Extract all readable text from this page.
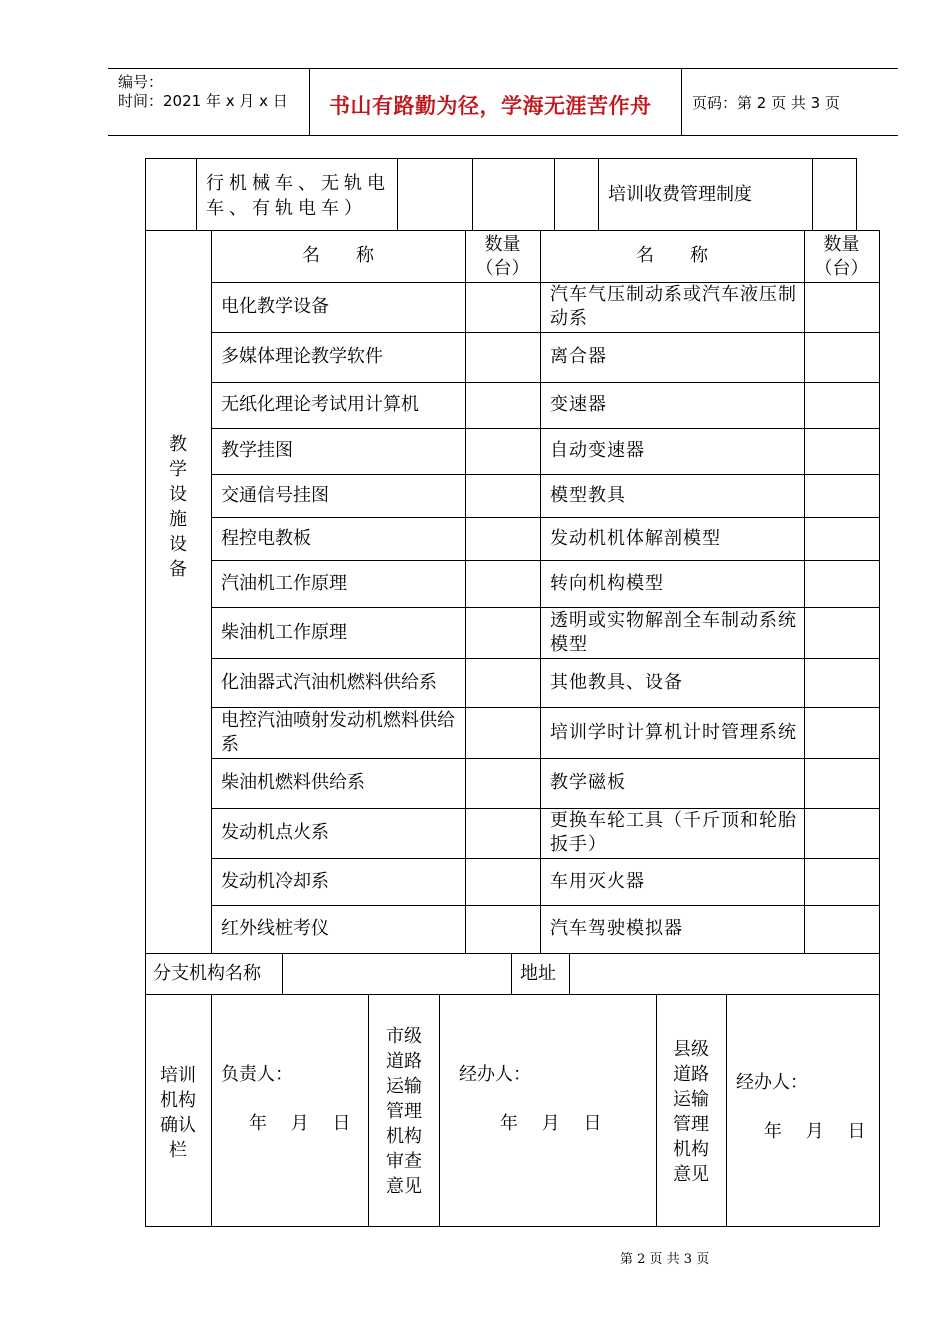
编号：
时间：2021 年 x 月 x 日 书山有路勤为径，学海无涯苦作舟	页码：第 2 页 共 3 页
行机械车、无轨电车、有轨电车）
培训收费管理制度
名　　称
数量
（台）
名　　称
数量
（台）
教学设施设备
电化教学设备
多媒体理论教学软件
无纸化理论考试用计算机
教学挂图
交通信号挂图
程控电教板
汽油机工作原理
柴油机工作原理
化油器式汽油机燃料供给系
电控汽油喷射发动机燃料供给系
柴油机燃料供给系
发动机点火系
发动机冷却系
红外线桩考仪
汽车气压制动系或汽车液压制动系
离合器
变速器
自动变速器
模型教具
发动机机体解剖模型
转向机构模型
透明或实物解剖全车制动系统模型
其他教具、设备
培训学时计算机计时管理系统
教学磁板
更换车轮工具（千斤顶和轮胎扳手）
车用灭火器
汽车驾驶模拟器
分支机构名称	地址
培训机构确认栏
负责人：
年　 月　 日
市级道路运输管理机构审查意见
经办人：
年　 月　 日
县级道路运输管理机构意见
经办人：
年　 月　 日
第 2 页 共 3 页
